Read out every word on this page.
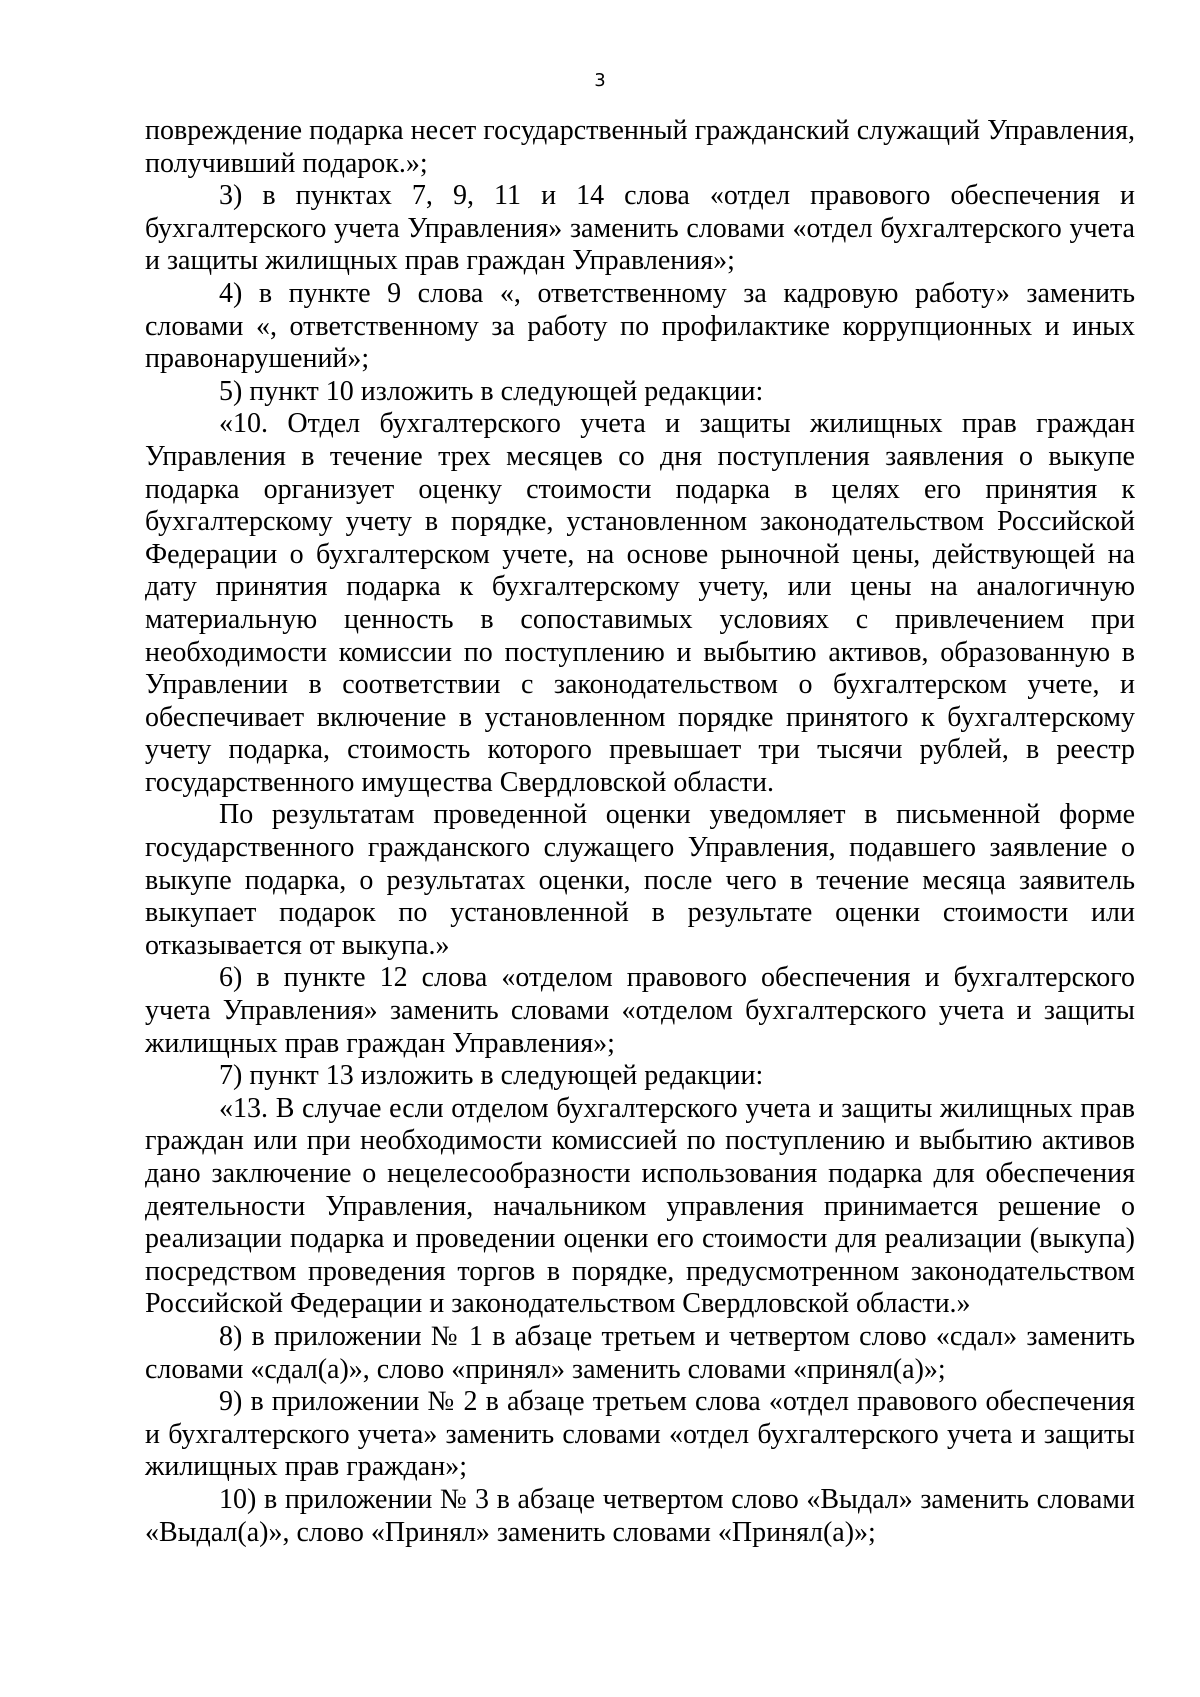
3

повреждение подарка несет государственный гражданский служащий Управления, получивший подарок.»;

3) в пунктах 7, 9, 11 и 14 слова «отдел правового обеспечения и бухгалтерского учета Управления» заменить словами «отдел бухгалтерского учета и защиты жилищных прав граждан Управления»;

4) в пункте 9 слова «, ответственному за кадровую работу» заменить словами «, ответственному за работу по профилактике коррупционных и иных правонарушений»;

5) пункт 10 изложить в следующей редакции:

«10. Отдел бухгалтерского учета и защиты жилищных прав граждан Управления в течение трех месяцев со дня поступления заявления о выкупе подарка организует оценку стоимости подарка в целях его принятия к бухгалтерскому учету в порядке, установленном законодательством Российской Федерации о бухгалтерском учете, на основе рыночной цены, действующей на дату принятия подарка к бухгалтерскому учету, или цены на аналогичную материальную ценность в сопоставимых условиях с привлечением при необходимости комиссии по поступлению и выбытию активов, образованную в Управлении в соответствии с законодательством о бухгалтерском учете, и обеспечивает включение в установленном порядке принятого к бухгалтерскому учету подарка, стоимость которого превышает три тысячи рублей, в реестр государственного имущества Свердловской области.

По результатам проведенной оценки уведомляет в письменной форме государственного гражданского служащего Управления, подавшего заявление о выкупе подарка, о результатах оценки, после чего в течение месяца заявитель выкупает подарок по установленной в результате оценки стоимости или отказывается от выкупа.»

6) в пункте 12 слова «отделом правового обеспечения и бухгалтерского учета Управления» заменить словами «отделом бухгалтерского учета и защиты жилищных прав граждан Управления»;

7) пункт 13 изложить в следующей редакции:

«13. В случае если отделом бухгалтерского учета и защиты жилищных прав граждан или при необходимости комиссией по поступлению и выбытию активов дано заключение о нецелесообразности использования подарка для обеспечения деятельности Управления, начальником управления принимается решение о реализации подарка и проведении оценки его стоимости для реализации (выкупа) посредством проведения торгов в порядке, предусмотренном законодательством Российской Федерации и законодательством Свердловской области.»

8) в приложении № 1 в абзаце третьем и четвертом слово «сдал» заменить словами «сдал(а)», слово «принял» заменить словами «принял(а)»;

9) в приложении № 2 в абзаце третьем слова «отдел правового обеспечения и бухгалтерского учета» заменить словами «отдел бухгалтерского учета и защиты жилищных прав граждан»;

10) в приложении № 3 в абзаце четвертом слово «Выдал» заменить словами «Выдал(а)», слово «Принял» заменить словами «Принял(а)»;
